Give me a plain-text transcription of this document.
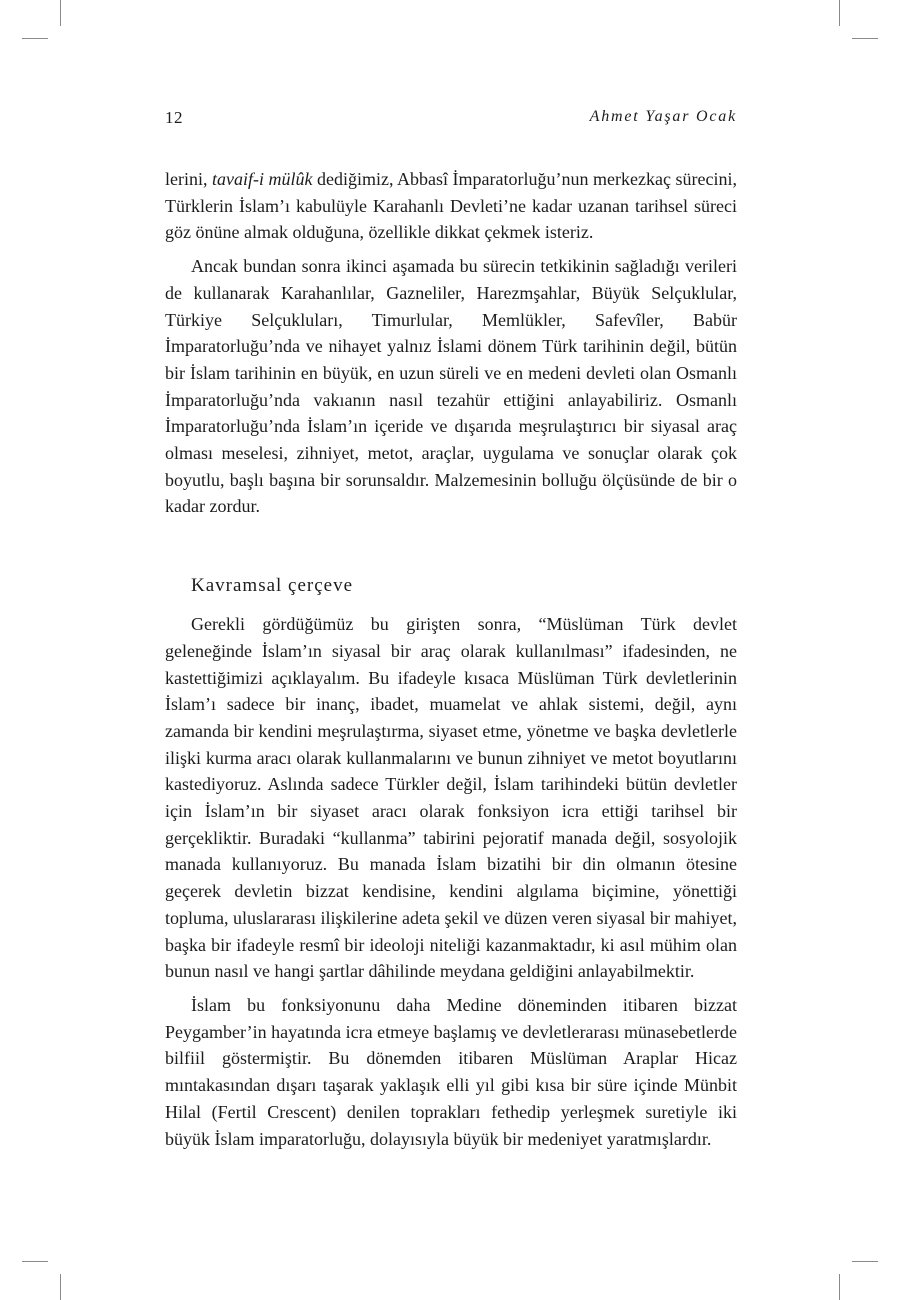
12	Ahmet Yaşar Ocak

lerini, tavaif-i mülûk dediğimiz, Abbasî İmparatorluğu’nun merkezkaç sürecini, Türklerin İslam’ı kabulüyle Karahanlı Devleti’ne kadar uzanan tarihsel süreci göz önüne almak olduğuna, özellikle dikkat çekmek isteriz.

Ancak bundan sonra ikinci aşamada bu sürecin tetkikinin sağladığı verileri de kullanarak Karahanlılar, Gazneliler, Harezmşahlar, Büyük Selçuklular, Türkiye Selçukluları, Timurlular, Memlükler, Safevîler, Babür İmparatorluğu’nda ve nihayet yalnız İslami dönem Türk tarihinin değil, bütün bir İslam tarihinin en büyük, en uzun süreli ve en medeni devleti olan Osmanlı İmparatorluğu’nda vakıanın nasıl tezahür ettiğini anlayabiliriz. Osmanlı İmparatorluğu’nda İslam’ın içeride ve dışarıda meşrulaştırıcı bir siyasal araç olması meselesi, zihniyet, metot, araçlar, uygulama ve sonuçlar olarak çok boyutlu, başlı başına bir sorunsaldır. Malzemesinin bolluğu ölçüsünde de bir o kadar zordur.

Kavramsal çerçeve

Gerekli gördüğümüz bu girişten sonra, “Müslüman Türk devlet geleneğinde İslam’ın siyasal bir araç olarak kullanılması” ifadesinden, ne kastettiğimizi açıklayalım. Bu ifadeyle kısaca Müslüman Türk devletlerinin İslam’ı sadece bir inanç, ibadet, muamelat ve ahlak sistemi, değil, aynı zamanda bir kendini meşrulaştırma, siyaset etme, yönetme ve başka devletlerle ilişki kurma aracı olarak kullanmalarını ve bunun zihniyet ve metot boyutlarını kastediyoruz. Aslında sadece Türkler değil, İslam tarihindeki bütün devletler için İslam’ın bir siyaset aracı olarak fonksiyon icra ettiği tarihsel bir gerçekliktir. Buradaki “kullanma” tabirini pejoratif manada değil, sosyolojik manada kullanıyoruz. Bu manada İslam bizatihi bir din olmanın ötesine geçerek devletin bizzat kendisine, kendini algılama biçimine, yönettiği topluma, uluslararası ilişkilerine adeta şekil ve düzen veren siyasal bir mahiyet, başka bir ifadeyle resmî bir ideoloji niteliği kazanmaktadır, ki asıl mühim olan bunun nasıl ve hangi şartlar dâhilinde meydana geldiğini anlayabilmektir.

İslam bu fonksiyonunu daha Medine döneminden itibaren bizzat Peygamber’in hayatında icra etmeye başlamış ve devletlerarası münasebetlerde bilfiil göstermiştir. Bu dönemden itibaren Müslüman Araplar Hicaz mıntakasından dışarı taşarak yaklaşık elli yıl gibi kısa bir süre içinde Münbit Hilal (Fertil Crescent) denilen toprakları fethedip yerleşmek suretiyle iki büyük İslam imparatorluğu, dolayısıyla büyük bir medeniyet yaratmışlardır.
